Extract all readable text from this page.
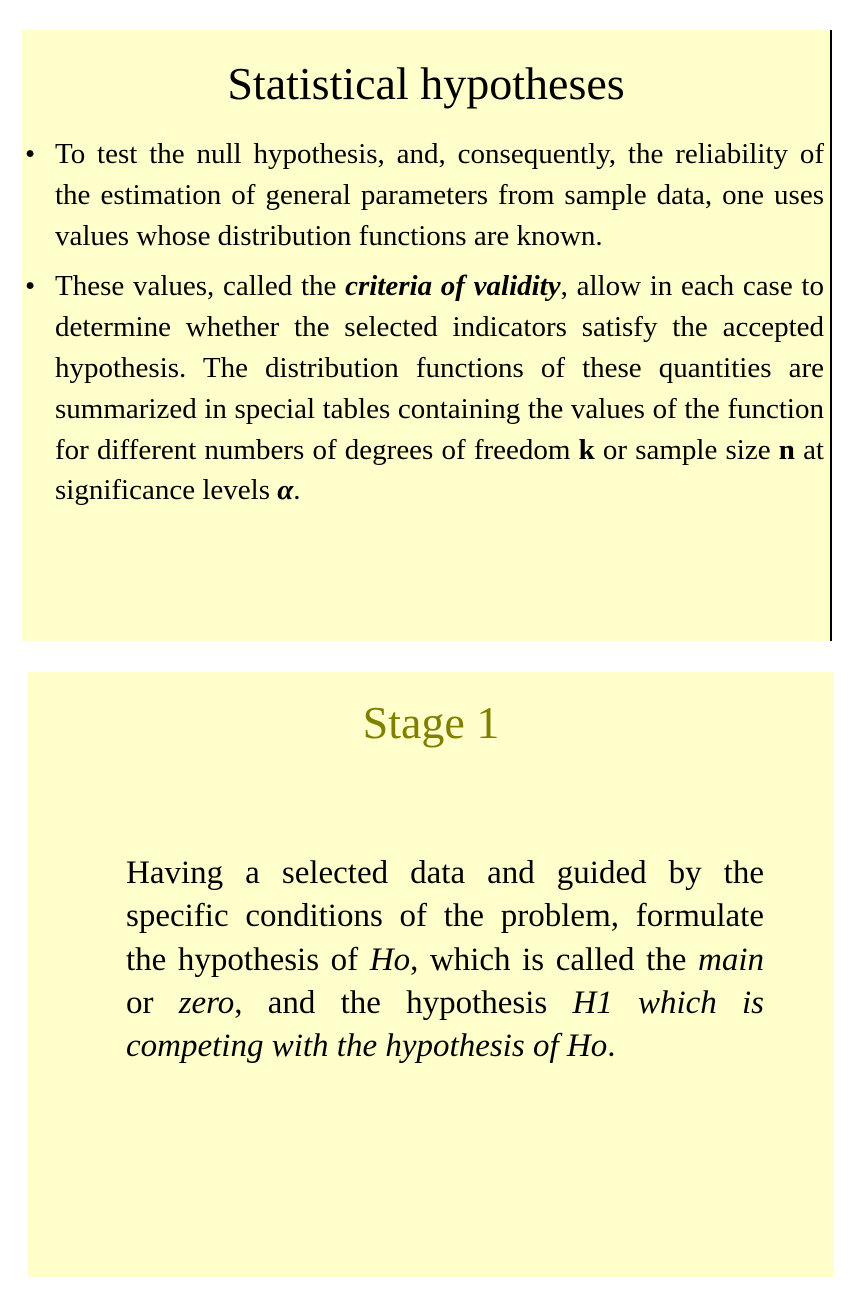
Statistical hypotheses
• To test the null hypothesis, and, consequently, the reliability of the estimation of general parameters from sample data, one uses values whose distribution functions are known.
• These values, called the criteria of validity, allow in each case to determine whether the selected indicators satisfy the accepted hypothesis. The distribution functions of these quantities are summarized in special tables containing the values of the function for different numbers of degrees of freedom k or sample size n at significance levels α.
Stage 1

Having a selected data and guided by the specific conditions of the problem, formulate the hypothesis of Ho, which is called the main or zero, and the hypothesis H1 which is competing with the hypothesis of Ho.
